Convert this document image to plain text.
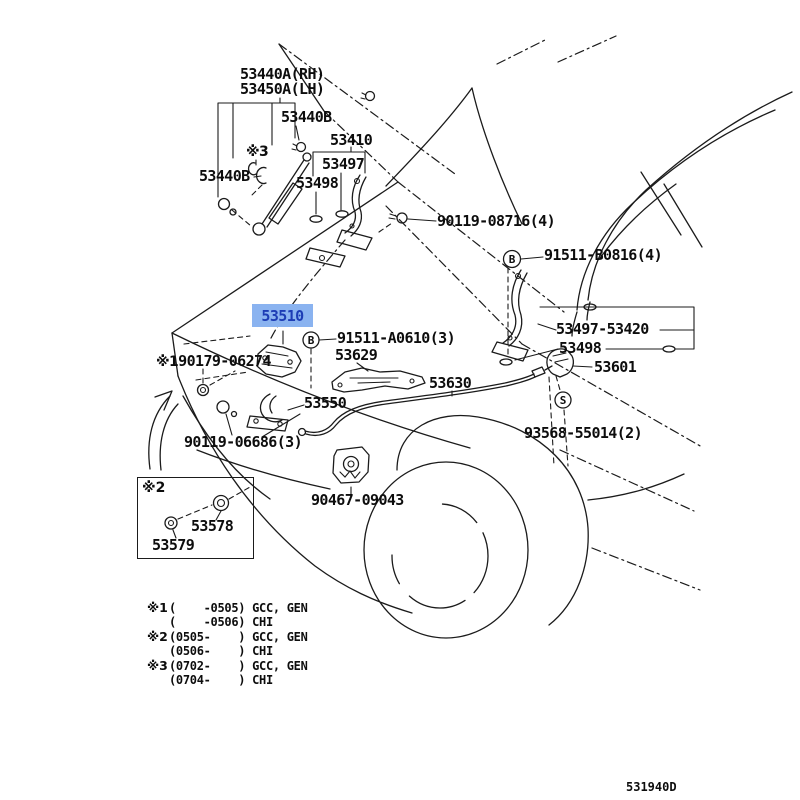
B
B
S
53440A(RH)
53450A(LH)
53440B
53410
53497
53498
53440B
※3
90119-08716(4)
91511-B0816(4)
91511-A0610(3)
53629
※190179-06274
53630
53497-53420
53498
53601
93568-55014(2)
53550
90119-06686(3)
90467-09043
53578
53579
53510
※2
※1(    -0505) GCC, GEN
(    -0506) CHI
※2(0505-    ) GCC, GEN
(0506-    ) CHI
※3(0702-    ) GCC, GEN
(0704-    ) CHI
531940D
